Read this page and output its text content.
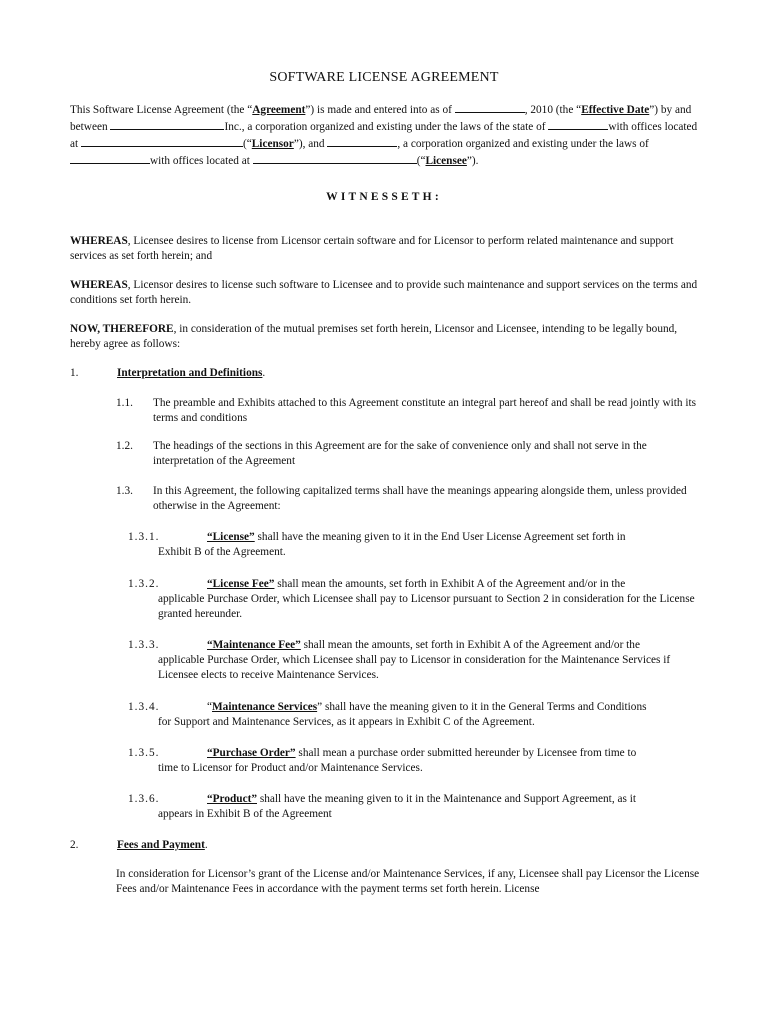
SOFTWARE LICENSE AGREEMENT
This Software License Agreement (the “Agreement”) is made and entered into as of	, 2010 (the “Effective Date”) by and between	Inc., a corporation organized and existing under the laws of the state of	with offices located at	(“Licensor”), and	, a corporation organized and existing under the laws of with offices located at	(“Licensee”).
WITNESSETH:
WHEREAS, Licensee desires to license from Licensor certain software and for Licensor to perform related maintenance and support services as set forth herein; and
WHEREAS, Licensor desires to license such software to Licensee and to provide such maintenance and support services on the terms and conditions set forth herein.
NOW, THEREFORE, in consideration of the mutual premises set forth herein, Licensor and Licensee, intending to be legally bound, hereby agree as follows:
1.	Interpretation and Definitions.
1.1.	The preamble and Exhibits attached to this Agreement constitute an integral part hereof and shall be read jointly with its terms and conditions
1.2.	The headings of the sections in this Agreement are for the sake of convenience only and shall not serve in the interpretation of the Agreement
1.3.	In this Agreement, the following capitalized terms shall have the meanings appearing alongside them, unless provided otherwise in the Agreement:
1.3.1.	“License” shall have the meaning given to it in the End User License Agreement set forth in
Exhibit B of the Agreement.
1.3.2.	“License Fee” shall mean the amounts, set forth in Exhibit A of the Agreement and/or in the
applicable Purchase Order, which Licensee shall pay to Licensor pursuant to Section 2 in consideration for the License granted hereunder.
1.3.3.	“Maintenance Fee” shall mean the amounts, set forth in Exhibit A of the Agreement and/or the
applicable Purchase Order, which Licensee shall pay to Licensor in consideration for the Maintenance Services if Licensee elects to receive Maintenance Services.
1.3.4.	“Maintenance Services” shall have the meaning given to it in the General Terms and Conditions
for Support and Maintenance Services, as it appears in Exhibit C of the Agreement.
1.3.5.	“Purchase Order” shall mean a purchase order submitted hereunder by Licensee from time to
time to Licensor for Product and/or Maintenance Services.
1.3.6.	“Product” shall have the meaning given to it in the Maintenance and Support Agreement, as it
appears in Exhibit B of the Agreement
2.	Fees and Payment.
In consideration for Licensor’s grant of the License and/or Maintenance Services, if any, Licensee shall pay Licensor the License Fees and/or Maintenance Fees in accordance with the payment terms set forth herein. License
